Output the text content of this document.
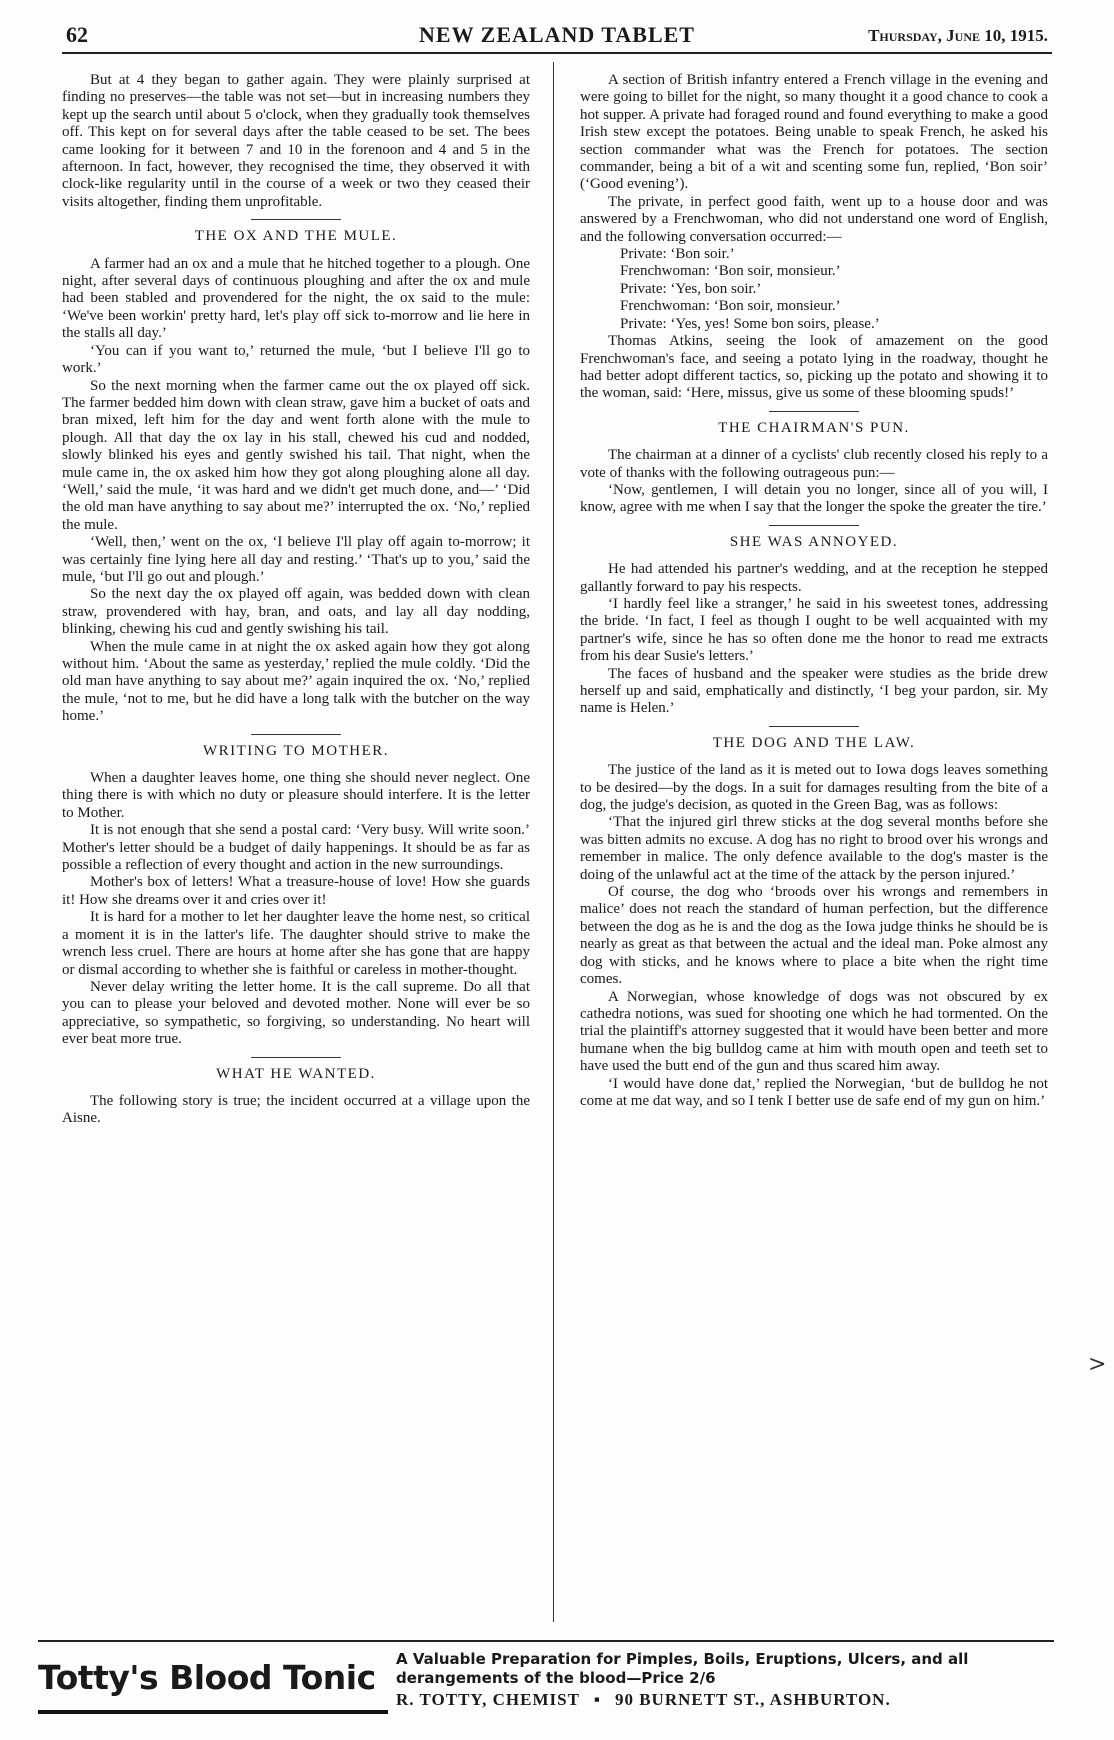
62	NEW ZEALAND TABLET	Thursday, June 10, 1915.

But at 4 they began to gather again. They were plainly surprised at finding no preserves—the table was not set—but in increasing numbers they kept up the search until about 5 o'clock, when they gradually took themselves off. This kept on for several days after the table ceased to be set. The bees came looking for it between 7 and 10 in the forenoon and 4 and 5 in the afternoon. In fact, however, they recognised the time, they observed it with clock-like regularity until in the course of a week or two they ceased their visits altogether, finding them unprofitable.

THE OX AND THE MULE.

A farmer had an ox and a mule that he hitched together to a plough. One night, after several days of continuous ploughing and after the ox and mule had been stabled and provendered for the night, the ox said to the mule: ‘We've been workin' pretty hard, let's play off sick to-morrow and lie here in the stalls all day.’

‘You can if you want to,’ returned the mule, ‘but I believe I'll go to work.’

So the next morning when the farmer came out the ox played off sick. The farmer bedded him down with clean straw, gave him a bucket of oats and bran mixed, left him for the day and went forth alone with the mule to plough. All that day the ox lay in his stall, chewed his cud and nodded, slowly blinked his eyes and gently swished his tail. That night, when the mule came in, the ox asked him how they got along ploughing alone all day. ‘Well,’ said the mule, ‘it was hard and we didn't get much done, and—’ ‘Did the old man have anything to say about me?’ interrupted the ox. ‘No,’ replied the mule.

‘Well, then,’ went on the ox, ‘I believe I'll play off again to-morrow; it was certainly fine lying here all day and resting.’ ‘That's up to you,’ said the mule, ‘but I'll go out and plough.’

So the next day the ox played off again, was bedded down with clean straw, provendered with hay, bran, and oats, and lay all day nodding, blinking, chewing his cud and gently swishing his tail.

When the mule came in at night the ox asked again how they got along without him. ‘About the same as yesterday,’ replied the mule coldly. ‘Did the old man have anything to say about me?’ again inquired the ox. ‘No,’ replied the mule, ‘not to me, but he did have a long talk with the butcher on the way home.’

WRITING TO MOTHER.

When a daughter leaves home, one thing she should never neglect. One thing there is with which no duty or pleasure should interfere. It is the letter to Mother.

It is not enough that she send a postal card: ‘Very busy. Will write soon.’ Mother's letter should be a budget of daily happenings. It should be as far as possible a reflection of every thought and action in the new surroundings.

Mother's box of letters! What a treasure-house of love! How she guards it! How she dreams over it and cries over it!

It is hard for a mother to let her daughter leave the home nest, so critical a moment it is in the latter's life. The daughter should strive to make the wrench less cruel. There are hours at home after she has gone that are happy or dismal according to whether she is faithful or careless in mother-thought.

Never delay writing the letter home. It is the call supreme. Do all that you can to please your beloved and devoted mother. None will ever be so appreciative, so sympathetic, so forgiving, so understanding. No heart will ever beat more true.

WHAT HE WANTED.

The following story is true; the incident occurred at a village upon the Aisne.

A section of British infantry entered a French village in the evening and were going to billet for the night, so many thought it a good chance to cook a hot supper. A private had foraged round and found everything to make a good Irish stew except the potatoes. Being unable to speak French, he asked his section commander what was the French for potatoes. The section commander, being a bit of a wit and scenting some fun, replied, ‘Bon soir’ (‘Good evening’).

The private, in perfect good faith, went up to a house door and was answered by a Frenchwoman, who did not understand one word of English, and the following conversation occurred:—

Private: ‘Bon soir.’

Frenchwoman: ‘Bon soir, monsieur.’

Private: ‘Yes, bon soir.’

Frenchwoman: ‘Bon soir, monsieur.’

Private: ‘Yes, yes! Some bon soirs, please.’

Thomas Atkins, seeing the look of amazement on the good Frenchwoman's face, and seeing a potato lying in the roadway, thought he had better adopt different tactics, so, picking up the potato and showing it to the woman, said: ‘Here, missus, give us some of these blooming spuds!’

THE CHAIRMAN'S PUN.

The chairman at a dinner of a cyclists' club recently closed his reply to a vote of thanks with the following outrageous pun:—

‘Now, gentlemen, I will detain you no longer, since all of you will, I know, agree with me when I say that the longer the spoke the greater the tire.’

SHE WAS ANNOYED.

He had attended his partner's wedding, and at the reception he stepped gallantly forward to pay his respects.

‘I hardly feel like a stranger,’ he said in his sweetest tones, addressing the bride. ‘In fact, I feel as though I ought to be well acquainted with my partner's wife, since he has so often done me the honor to read me extracts from his dear Susie's letters.’

The faces of husband and the speaker were studies as the bride drew herself up and said, emphatically and distinctly, ‘I beg your pardon, sir. My name is Helen.’

THE DOG AND THE LAW.

The justice of the land as it is meted out to Iowa dogs leaves something to be desired—by the dogs. In a suit for damages resulting from the bite of a dog, the judge's decision, as quoted in the Green Bag, was as follows:

‘That the injured girl threw sticks at the dog several months before she was bitten admits no excuse. A dog has no right to brood over his wrongs and remember in malice. The only defence available to the dog's master is the doing of the unlawful act at the time of the attack by the person injured.’

Of course, the dog who ‘broods over his wrongs and remembers in malice’ does not reach the standard of human perfection, but the difference between the dog as he is and the dog as the Iowa judge thinks he should be is nearly as great as that between the actual and the ideal man. Poke almost any dog with sticks, and he knows where to place a bite when the right time comes.

A Norwegian, whose knowledge of dogs was not obscured by ex cathedra notions, was sued for shooting one which he had tormented. On the trial the plaintiff's attorney suggested that it would have been better and more humane when the big bulldog came at him with mouth open and teeth set to have used the butt end of the gun and thus scared him away.

‘I would have done dat,’ replied the Norwegian, ‘but de bulldog he not come at me dat way, and so I tenk I better use de safe end of my gun on him.’

>
Totty's Blood Tonic	A Valuable Preparation for Pimples, Boils, Eruptions, Ulcers, and all
derangements of the blood—Price 2/6
R. TOTTY, CHEMIST ▪ 90 BURNETT ST., ASHBURTON.
